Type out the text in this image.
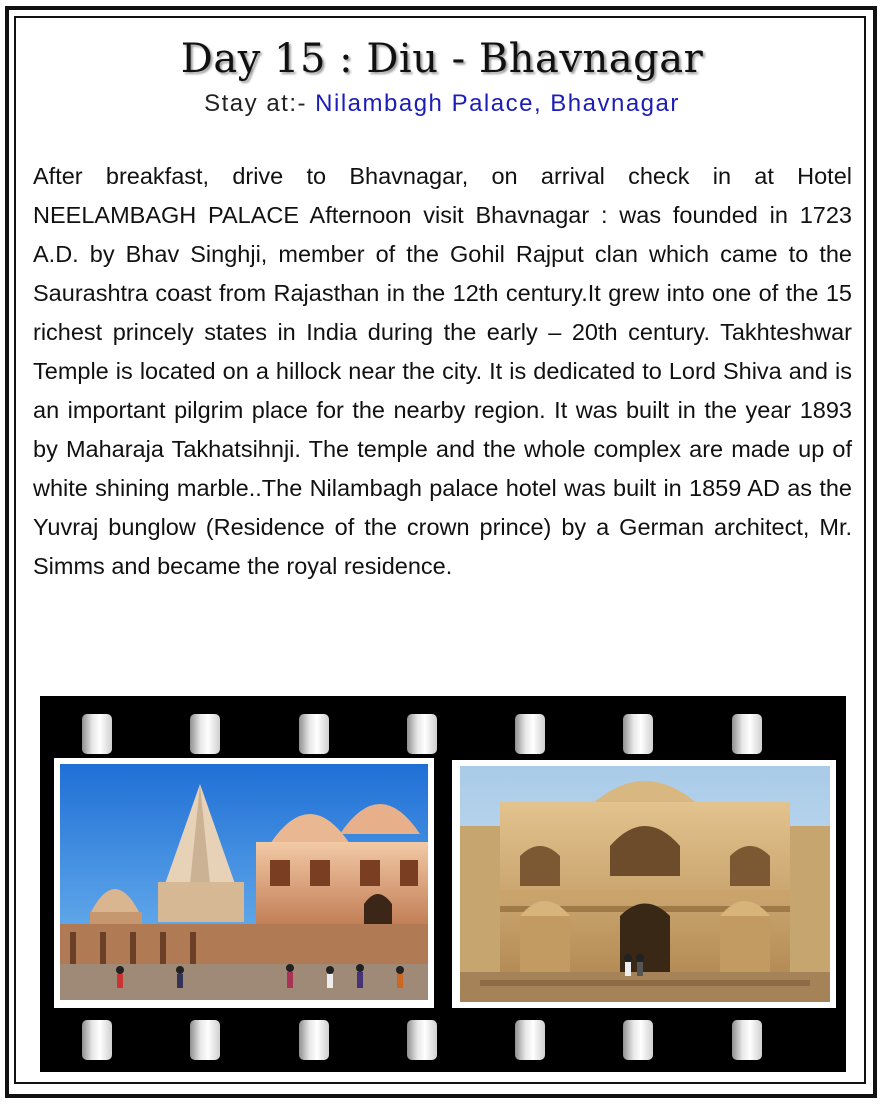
Day 15 : Diu - Bhavnagar
Stay at:- Nilambagh Palace, Bhavnagar
After breakfast, drive to Bhavnagar, on arrival check in at Hotel NEELAMBAGH PALACE Afternoon visit Bhavnagar : was founded in 1723 A.D. by Bhav Singhji, member of the Gohil Rajput clan which came to the Saurashtra coast from Rajasthan in the 12th century.It grew into one of the 15 richest princely states in India during the early – 20th century. Takhteshwar Temple is located on a hillock near the city. It is dedicated to Lord Shiva and is an important pilgrim place for the nearby region. It was built in the year 1893 by Maharaja Takhatsihnji. The temple and the whole complex are made up of white shining marble..The Nilambagh palace hotel was built in 1859 AD as the Yuvraj bunglow (Residence of the crown prince) by a German architect, Mr. Simms and became the royal residence.
